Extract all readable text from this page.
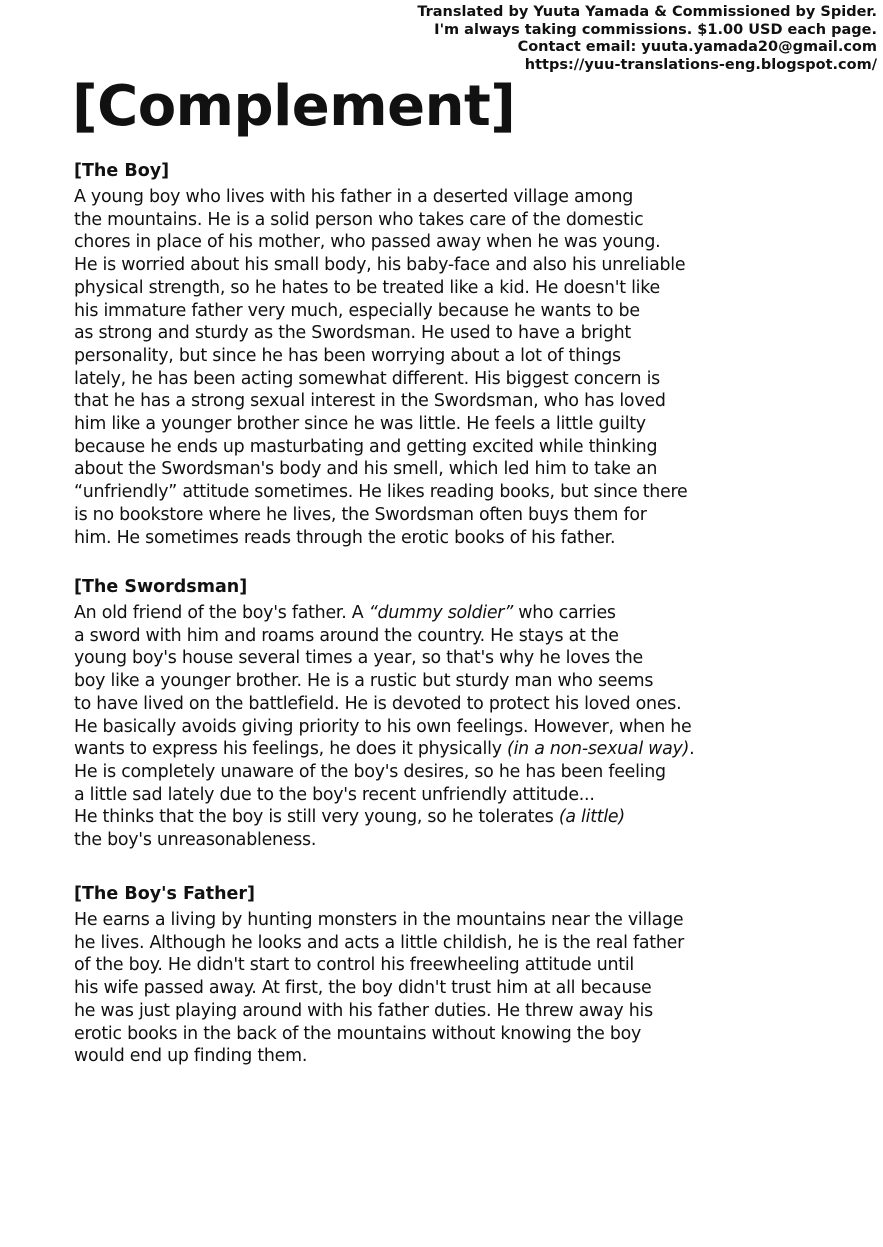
Translated by Yuuta Yamada & Commissioned by Spider.
I'm always taking commissions. $1.00 USD each page.
Contact email: yuuta.yamada20@gmail.com
https://yuu-translations-eng.blogspot.com/
[Complement]
[The Boy]
A young boy who lives with his father in a deserted village among
the mountains. He is a solid person who takes care of the domestic
chores in place of his mother, who passed away when he was young.
He is worried about his small body, his baby-face and also his unreliable
physical strength, so he hates to be treated like a kid. He doesn't like
his immature father very much, especially because he wants to be
as strong and sturdy as the Swordsman. He used to have a bright
personality, but since he has been worrying about a lot of things
lately, he has been acting somewhat different. His biggest concern is
that he has a strong sexual interest in the Swordsman, who has loved
him like a younger brother since he was little. He feels a little guilty
because he ends up masturbating and getting excited while thinking
about the Swordsman's body and his smell, which led him to take an
“unfriendly” attitude sometimes. He likes reading books, but since there
is no bookstore where he lives, the Swordsman often buys them for
him. He sometimes reads through the erotic books of his father.
[The Swordsman]
An old friend of the boy's father. A “dummy soldier” who carries
a sword with him and roams around the country. He stays at the
young boy's house several times a year, so that's why he loves the
boy like a younger brother. He is a rustic but sturdy man who seems
to have lived on the battlefield. He is devoted to protect his loved ones.
He basically avoids giving priority to his own feelings. However, when he
wants to express his feelings, he does it physically (in a non-sexual way).
He is completely unaware of the boy's desires, so he has been feeling
a little sad lately due to the boy's recent unfriendly attitude...
He thinks that the boy is still very young, so he tolerates (a little)
the boy's unreasonableness.
[The Boy's Father]
He earns a living by hunting monsters in the mountains near the village
he lives. Although he looks and acts a little childish, he is the real father
of the boy. He didn't start to control his freewheeling attitude until
his wife passed away. At first, the boy didn't trust him at all because
he was just playing around with his father duties. He threw away his
erotic books in the back of the mountains without knowing the boy
would end up finding them.
